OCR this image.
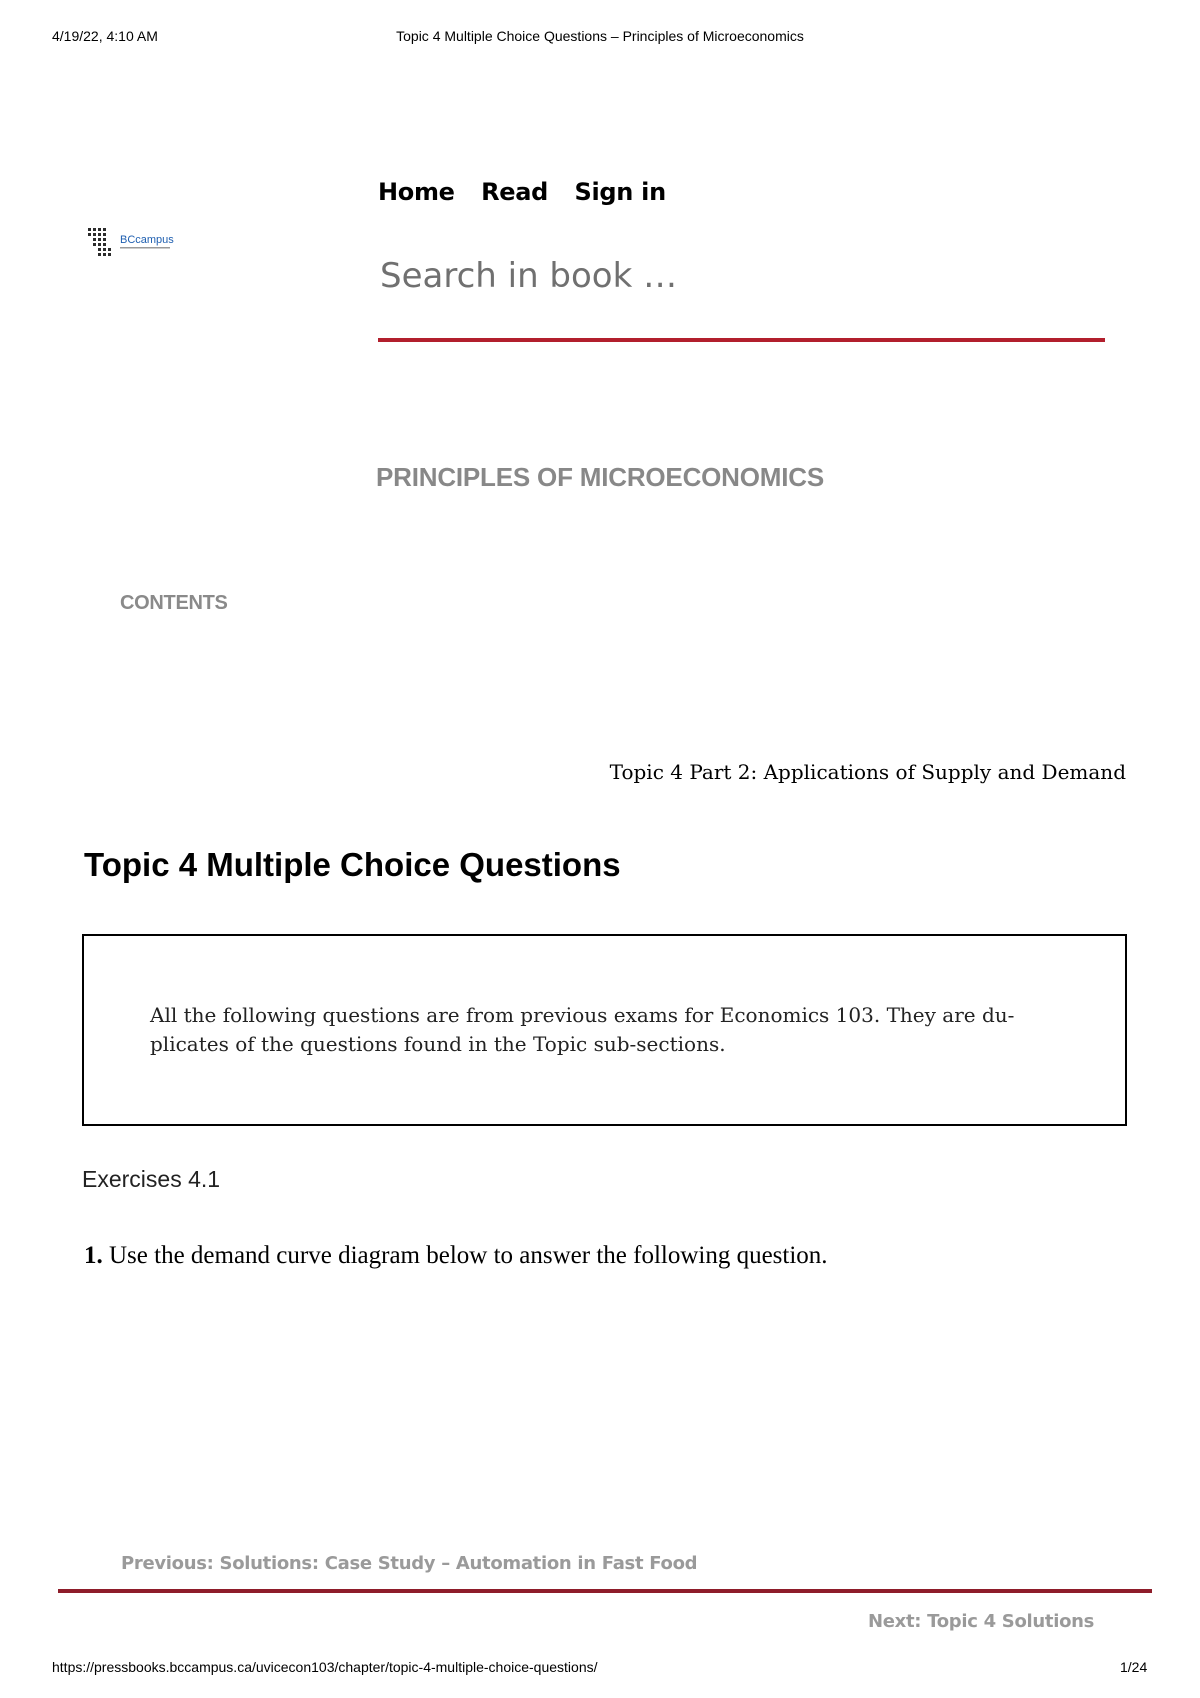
4/19/22, 4:10 AM	Topic 4 Multiple Choice Questions – Principles of Microeconomics
BCcampus
Home Read Sign in
Search in book …
PRINCIPLES OF MICROECONOMICS
CONTENTS
Topic 4 Part 2: Applications of Supply and Demand
Topic 4 Multiple Choice Questions
All the following questions are from previous exams for Economics 103. They are du-
plicates of the questions found in the Topic sub-sections.
Exercises 4.1
1. Use the demand curve diagram below to answer the following question.
Previous: Solutions: Case Study – Automation in Fast Food
Next: Topic 4 Solutions
https://pressbooks.bccampus.ca/uvicecon103/chapter/topic-4-multiple-choice-questions/	1/24
